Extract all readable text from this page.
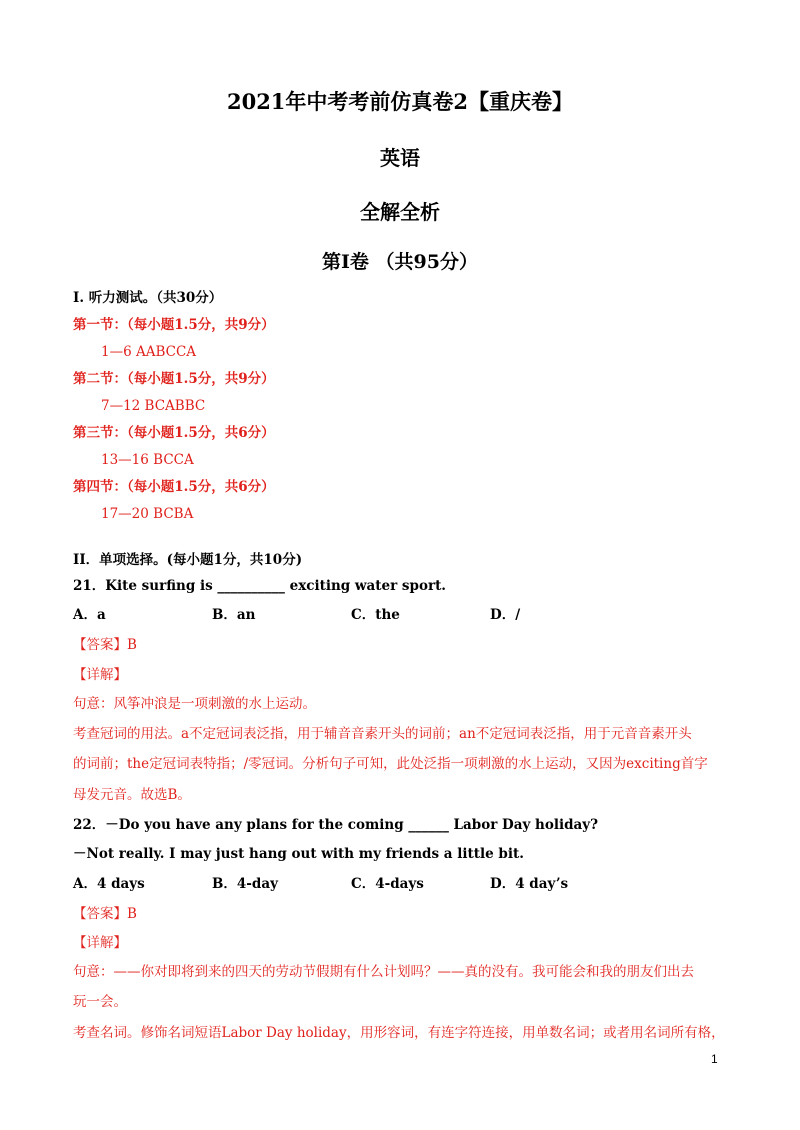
2021年中考考前仿真卷2【重庆卷】
英语
全解全析
第I卷 （共95分）
I. 听力测试。（共30分）
第一节：（每小题1.5分，共9分）
1—6 AABCCA
第二节：（每小题1.5分，共9分）
7—12 BCABBC
第三节：（每小题1.5分，共6分）
13—16 BCCA
第四节：（每小题1.5分，共6分）
17—20 BCBA
II．单项选择。(每小题1分，共10分)
21．Kite surfing is __________ exciting water sport.
A．a	B．an	C．the	D．/
【答案】B
【详解】
句意：风筝冲浪是一项刺激的水上运动。
考查冠词的用法。a不定冠词表泛指，用于辅音音素开头的词前；an不定冠词表泛指，用于元音音素开头
的词前；the定冠词表特指；/零冠词。分析句子可知，此处泛指一项刺激的水上运动，又因为exciting首字
母发元音。故选B。
22．－Do you have any plans for the coming ______ Labor Day holiday?
－Not really. I may just hang out with my friends a little bit.
A．4 days	B．4-day	C．4-days	D．4 day’s
【答案】B
【详解】
句意：——你对即将到来的四天的劳动节假期有什么计划吗？——真的没有。我可能会和我的朋友们出去
玩一会。
考查名词。修饰名词短语Labor Day holiday，用形容词，有连字符连接，用单数名词；或者用名词所有格，
1
